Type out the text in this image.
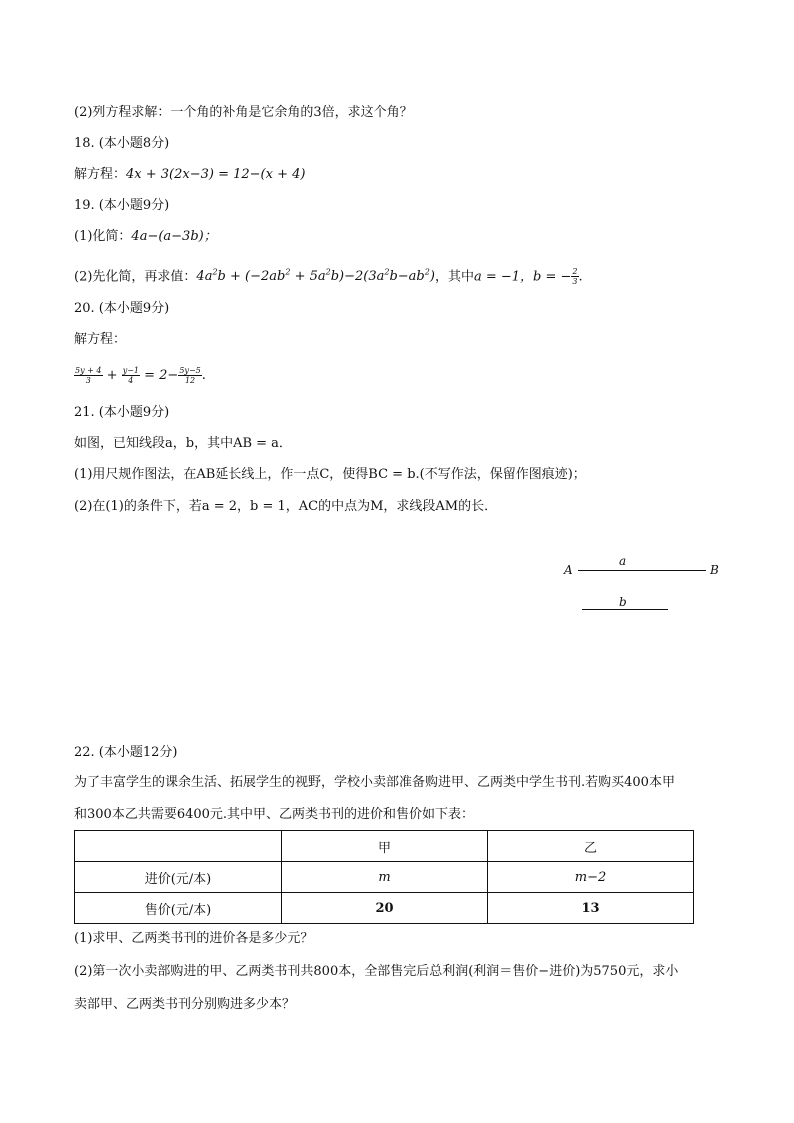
(2)列方程求解：一个角的补角是它余角的3倍，求这个角？
18. (本小题8分)
解方程：4x + 3(2x−3) = 12−(x + 4)
19. (本小题9分)
(1)化简：4a−(a−3b)；
(2)先化简，再求值：$4a^2b + (-2ab^2 + 5a^2b)-2(3a^2b-ab^2)$，其中a = −1，b = − $\frac{2}{3}$ .
20. (本小题9分)
解方程：
$\frac{5y + 4}{3} + \frac{y-1}{4} = 2- \frac{5y-5}{12}$ .
21. (本小题9分)
如图，已知线段a，b，其中AB = a．
(1)用尺规作图法，在AB延长线上，作一点C，使得BC = b.(不写作法，保留作图痕迹)；
(2)在(1)的条件下，若a = 2，b = 1，AC的中点为M，求线段AM的长．
A
a
B
b
22. (本小题12分)
为了丰富学生的课余生活、拓展学生的视野，学校小卖部准备购进甲、乙两类中学生书刊.若购买400本甲
和300本乙共需要6400元.其中甲、乙两类书刊的进价和售价如下表：
	甲	乙
进价(元/本)	m	m−2
售价(元/本)	20	13
(1)求甲、乙两类书刊的进价各是多少元？
(2)第一次小卖部购进的甲、乙两类书刊共800本，全部售完后总利润(利润＝售价−进价)为5750元，求小
卖部甲、乙两类书刊分别购进多少本？
